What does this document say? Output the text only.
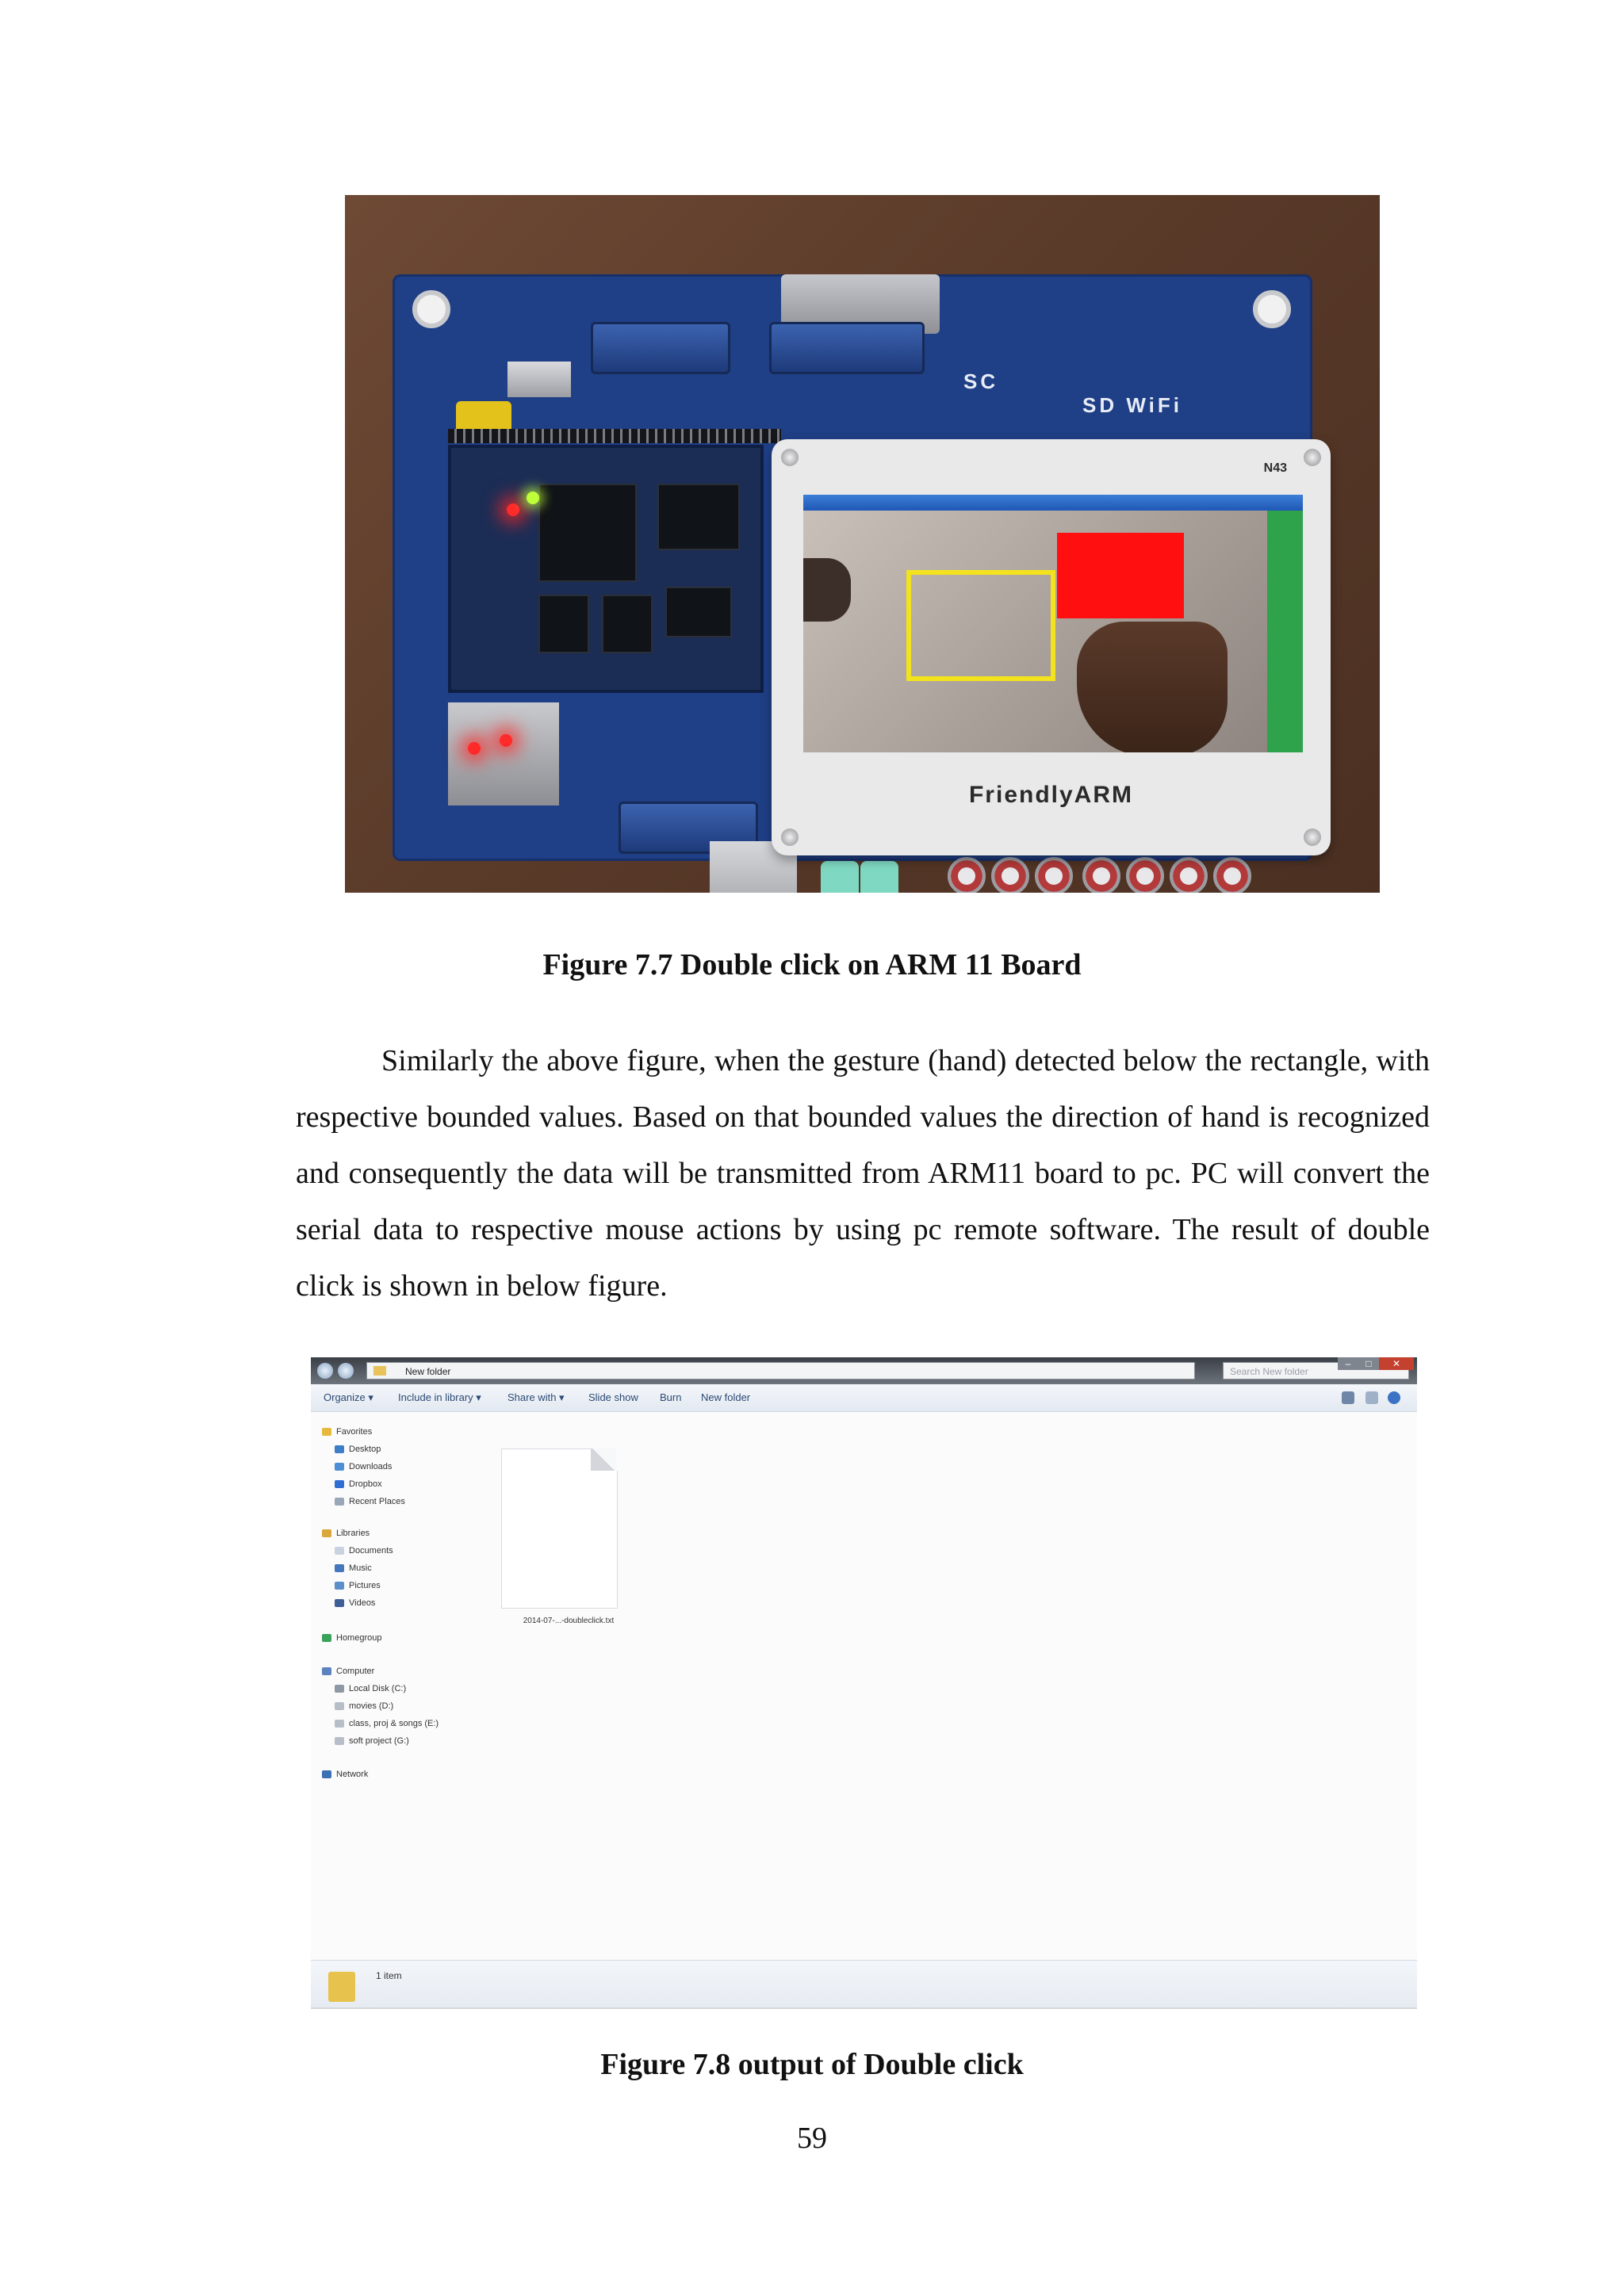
SC
SD WiFi
N43
FriendlyARM
Figure 7.7 Double click on ARM 11 Board

Similarly the above figure, when the gesture (hand) detected below the rectangle, with respective bounded values. Based on that bounded values the direction of hand is recognized and consequently the data will be transmitted from ARM11 board to pc. PC will convert the serial data to respective mouse actions by using pc remote software. The result of double click is shown in below figure.

New folder	Search New folder
–	□	✕
Organize ▾ Include in library ▾	Share with ▾ Slide show Burn New folder
Favorites
Desktop
Downloads
Dropbox
Recent Places
Libraries
Documents
Music
Pictures
Videos
Homegroup
Computer
Local Disk (C:)
movies (D:)
class, proj & songs (E:)
soft project (G:)
Network
2014-07-...-doubleclick.txt
1 item
Figure 7.8 output of Double click
59
